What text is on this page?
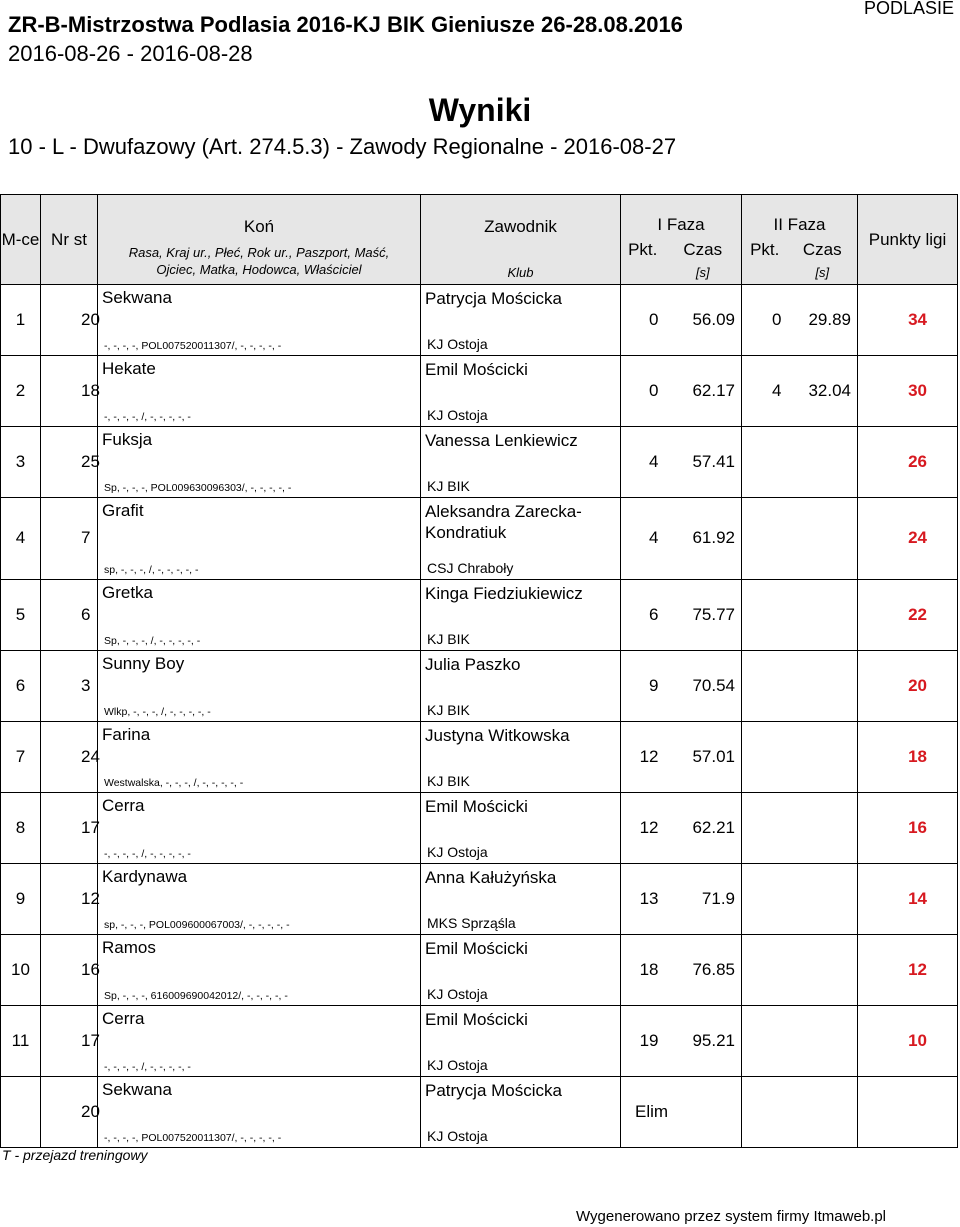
ZR-B-Mistrzostwa Podlasia 2016-KJ BIK Gieniusze 26-28.08.2016
2016-08-26 - 2016-08-28
PODLASIE
Wyniki
10 - L - Dwufazowy (Art. 274.5.3) - Zawody Regionalne - 2016-08-27
M-ce	Nr st	Koń	Zawodnik	I Faza		II Faza		Punkty ligi
		Rasa, Kraj ur., Płeć, Rok ur., Paszport, Maść, Ojciec, Matka, Hodowca, Właściciel		Pkt.	Czas	Pkt.	Czas	
			Klub		[s]		[s]	
1	20	Sekwana	Patrycja Mościcka	0	56.09	0	29.89	34
		-, -, -, -, POL007520011307/, -, -, -, -, -	KJ Ostoja					
2	18	Hekate	Emil Mościcki	0	62.17	4	32.04	30
		-, -, -, -, /, -, -, -, -, -	KJ Ostoja					
3	25	Fuksja	Vanessa Lenkiewicz	4	57.41			26
		Sp, -, -, -, POL009630096303/, -, -, -, -, -	KJ BIK					
4	7	Grafit	Aleksandra Zarecka-Kondratiuk	4	61.92			24
		sp, -, -, -, /, -, -, -, -, -	CSJ Chraboły					
5	6	Gretka	Kinga Fiedziukiewicz	6	75.77			22
		Sp, -, -, -, /, -, -, -, -, -	KJ BIK					
6	3	Sunny Boy	Julia Paszko	9	70.54			20
		Wlkp, -, -, -, /, -, -, -, -, -	KJ BIK					
7	24	Farina	Justyna Witkowska	12	57.01			18
		Westwalska, -, -, -, /, -, -, -, -, -	KJ BIK					
8	17	Cerra	Emil Mościcki	12	62.21			16
		-, -, -, -, /, -, -, -, -, -	KJ Ostoja					
9	12	Kardynawa	Anna Kałużyńska	13	71.9			14
		sp, -, -, -, POL009600067003/, -, -, -, -, -	MKS Sprząśla					
10	16	Ramos	Emil Mościcki	18	76.85			12
		Sp, -, -, -, 616009690042012/, -, -, -, -, -	KJ Ostoja					
11	17	Cerra	Emil Mościcki	19	95.21			10
		-, -, -, -, /, -, -, -, -, -	KJ Ostoja					
	20	Sekwana	Patrycja Mościcka	Elim				
		-, -, -, -, POL007520011307/, -, -, -, -, -	KJ Ostoja					
T - przejazd treningowy
Wygenerowano przez system firmy Itmaweb.pl
